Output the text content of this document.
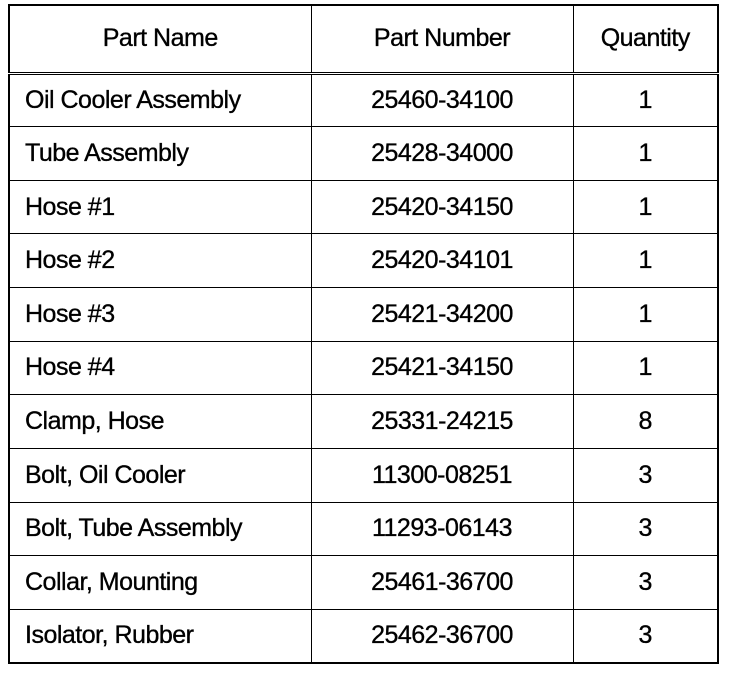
Part Name	Part Number	Quantity
Oil Cooler Assembly	25460-34100	1
Tube Assembly	25428-34000	1
Hose #1	25420-34150	1
Hose #2	25420-34101	1
Hose #3	25421-34200	1
Hose #4	25421-34150	1
Clamp, Hose	25331-24215	8
Bolt, Oil Cooler	11300-08251	3
Bolt, Tube Assembly	11293-06143	3
Collar, Mounting	25461-36700	3
Isolator, Rubber	25462-36700	3
